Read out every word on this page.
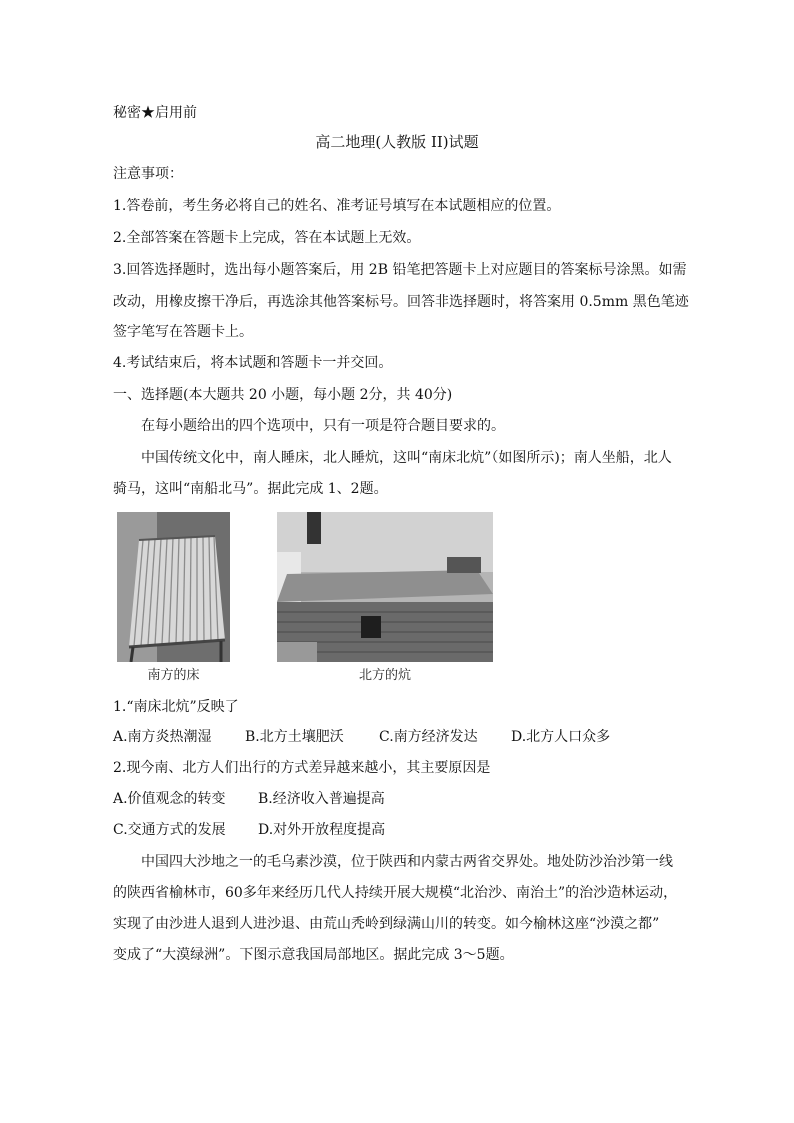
秘密★启用前
高二地理(人教版 II)试题
注意事项：
1.答卷前，考生务必将自己的姓名、准考证号填写在本试题相应的位置。
2.全部答案在答题卡上完成，答在本试题上无效。
3.回答选择题时，选出每小题答案后，用 2B 铅笔把答题卡上对应题目的答案标号涂黑。如需
改动，用橡皮擦干净后，再选涂其他答案标号。回答非选择题时，将答案用 0.5mm 黑色笔迹
签字笔写在答题卡上。
4.考试结束后，将本试题和答题卡一并交回。
一、选择题(本大题共 20 小题，每小题 2分，共 40分)
在每小题给出的四个选项中，只有一项是符合题目要求的。
中国传统文化中，南人睡床，北人睡炕，这叫“南床北炕”（如图所示)；南人坐船，北人
骑马，这叫“南船北马”。据此完成 1、2题。
南方的床	北方的炕
1.“南床北炕”反映了
A.南方炎热潮湿 B.北方土壤肥沃	C.南方经济发达 D.北方人口众多
2.现今南、北方人们出行的方式差异越来越小，其主要原因是
A.价值观念的转变 B.经济收入普遍提高
C.交通方式的发展 D.对外开放程度提高
中国四大沙地之一的毛乌素沙漠，位于陕西和内蒙古两省交界处。地处防沙治沙第一线
的陕西省榆林市，60多年来经历几代人持续开展大规模“北治沙、南治土”的治沙造林运动，
实现了由沙进人退到人进沙退、由荒山秃岭到绿满山川的转变。如今榆林这座“沙漠之都”
变成了“大漠绿洲”。下图示意我国局部地区。据此完成 3～5题。
